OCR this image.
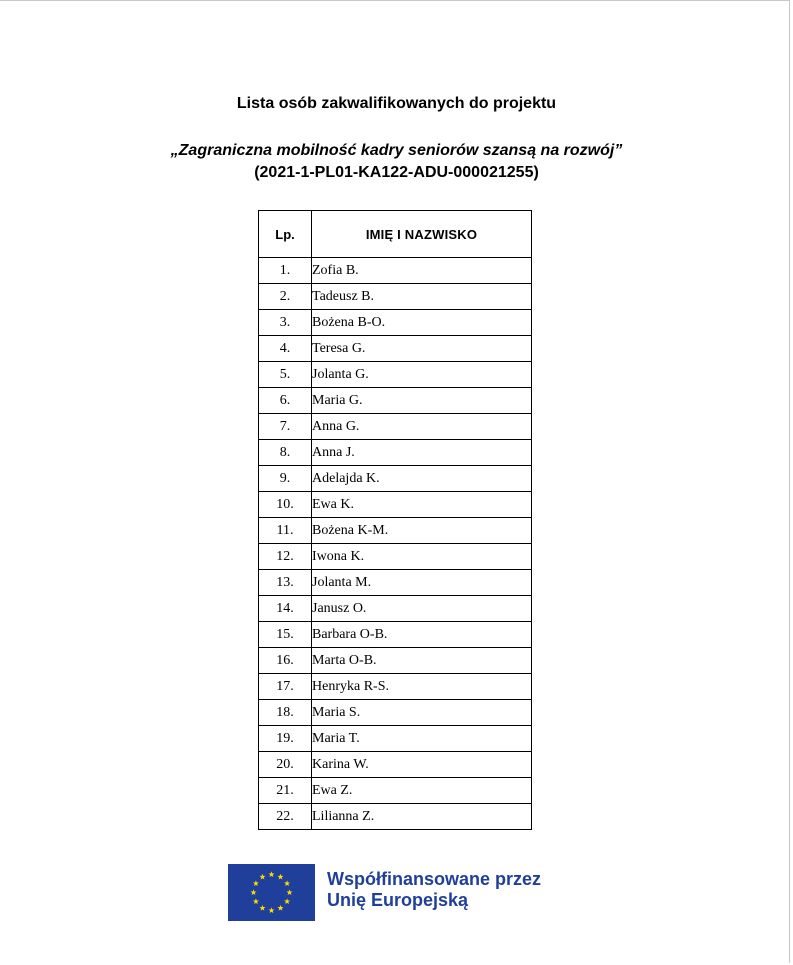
Lista osób zakwalifikowanych do projektu
„Zagraniczna mobilność kadry seniorów szansą na rozwój”
(2021-1-PL01-KA122-ADU-000021255)
Lp.	IMIĘ I NAZWISKO
1.	Zofia B.
2.	Tadeusz B.
3.	Bożena B-O.
4.	Teresa G.
5.	Jolanta G.
6.	Maria G.
7.	Anna G.
8.	Anna J.
9.	Adelajda K.
10.	Ewa K.
11.	Bożena K-M.
12.	Iwona K.
13.	Jolanta M.
14.	Janusz O.
15.	Barbara O-B.
16.	Marta O-B.
17.	Henryka R-S.
18.	Maria S.
19.	Maria T.
20.	Karina W.
21.	Ewa Z.
22.	Lilianna Z.
Współfinansowane przez
Unię Europejską
